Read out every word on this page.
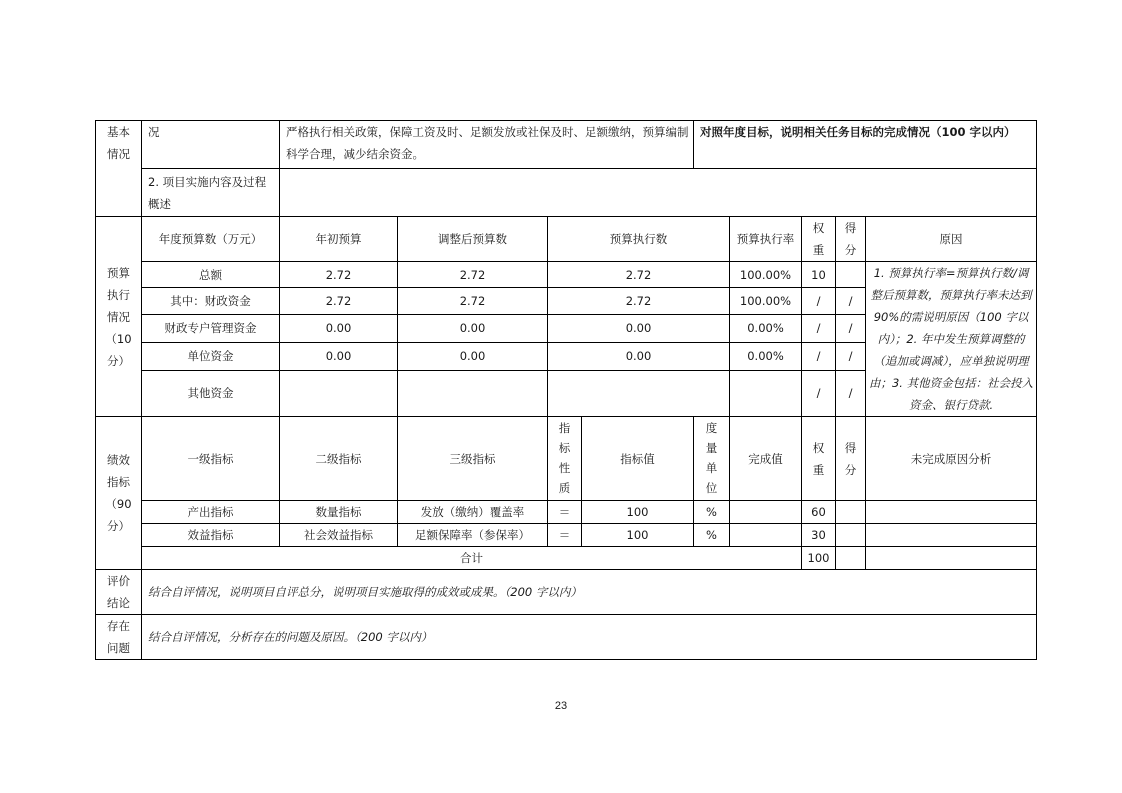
基本情况	况	严格执行相关政策，保障工资及时、足额发放或社保及时、足额缴纳，预算编制科学合理，减少结余资金。				对照年度目标，说明相关任务目标的完成情况（100 字以内）				
	2. 项目实施内容及过程概述									
预算执行情况（10分）	年度预算数（万元）	年初预算	调整后预算数	预算执行数			预算执行率	权重	得分	原因
	总额	2.72	2.72	2.72			100.00%	10		1. 预算执行率=预算执行数/调整后预算数，预算执行率未达到 90%的需说明原因（100 字以内）；2. 年中发生预算调整的（追加或调减），应单独说明理由；3. 其他资金包括：社会投入资金、银行贷款.
	其中：财政资金	2.72	2.72	2.72			100.00%	/	/	
	财政专户管理资金	0.00	0.00	0.00			0.00%	/	/	
	单位资金	0.00	0.00	0.00			0.00%	/	/	
	其他资金							/	/	
绩效指标（90分）	一级指标	二级指标	三级指标	指标性质	指标值	度量单位	完成值	权重	得分	未完成原因分析
	产出指标	数量指标	发放（缴纳）覆盖率	＝	100	%		60		
	效益指标	社会效益指标	足额保障率（参保率）	＝	100	%		30		
	合计							100		
评价结论	结合自评情况，说明项目自评总分，说明项目实施取得的成效或成果。（200 字以内）									
存在问题	结合自评情况，分析存在的问题及原因。（200 字以内）									
23
